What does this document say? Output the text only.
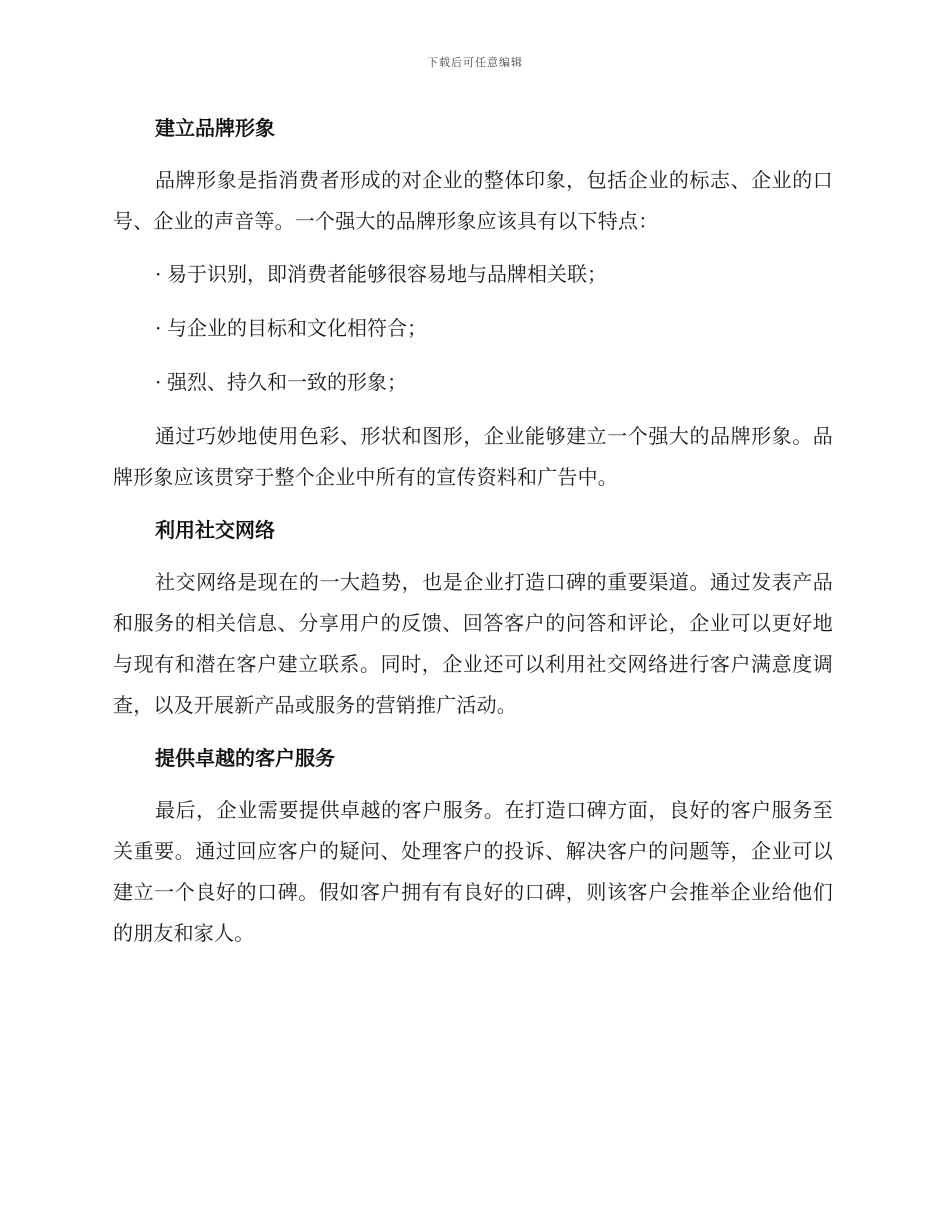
下载后可任意编辑
建立品牌形象

品牌形象是指消费者形成的对企业的整体印象，包括企业的标志、企业的口号、企业的声音等。一个强大的品牌形象应该具有以下特点：

· 易于识别，即消费者能够很容易地与品牌相关联；
· 与企业的目标和文化相符合；
· 强烈、持久和一致的形象；

通过巧妙地使用色彩、形状和图形，企业能够建立一个强大的品牌形象。品牌形象应该贯穿于整个企业中所有的宣传资料和广告中。

利用社交网络

社交网络是现在的一大趋势，也是企业打造口碑的重要渠道。通过发表产品和服务的相关信息、分享用户的反馈、回答客户的问答和评论，企业可以更好地与现有和潜在客户建立联系。同时，企业还可以利用社交网络进行客户满意度调查，以及开展新产品或服务的营销推广活动。

提供卓越的客户服务

最后，企业需要提供卓越的客户服务。在打造口碑方面，良好的客户服务至关重要。通过回应客户的疑问、处理客户的投诉、解决客户的问题等，企业可以建立一个良好的口碑。假如客户拥有有良好的口碑，则该客户会推举企业给他们的朋友和家人。
